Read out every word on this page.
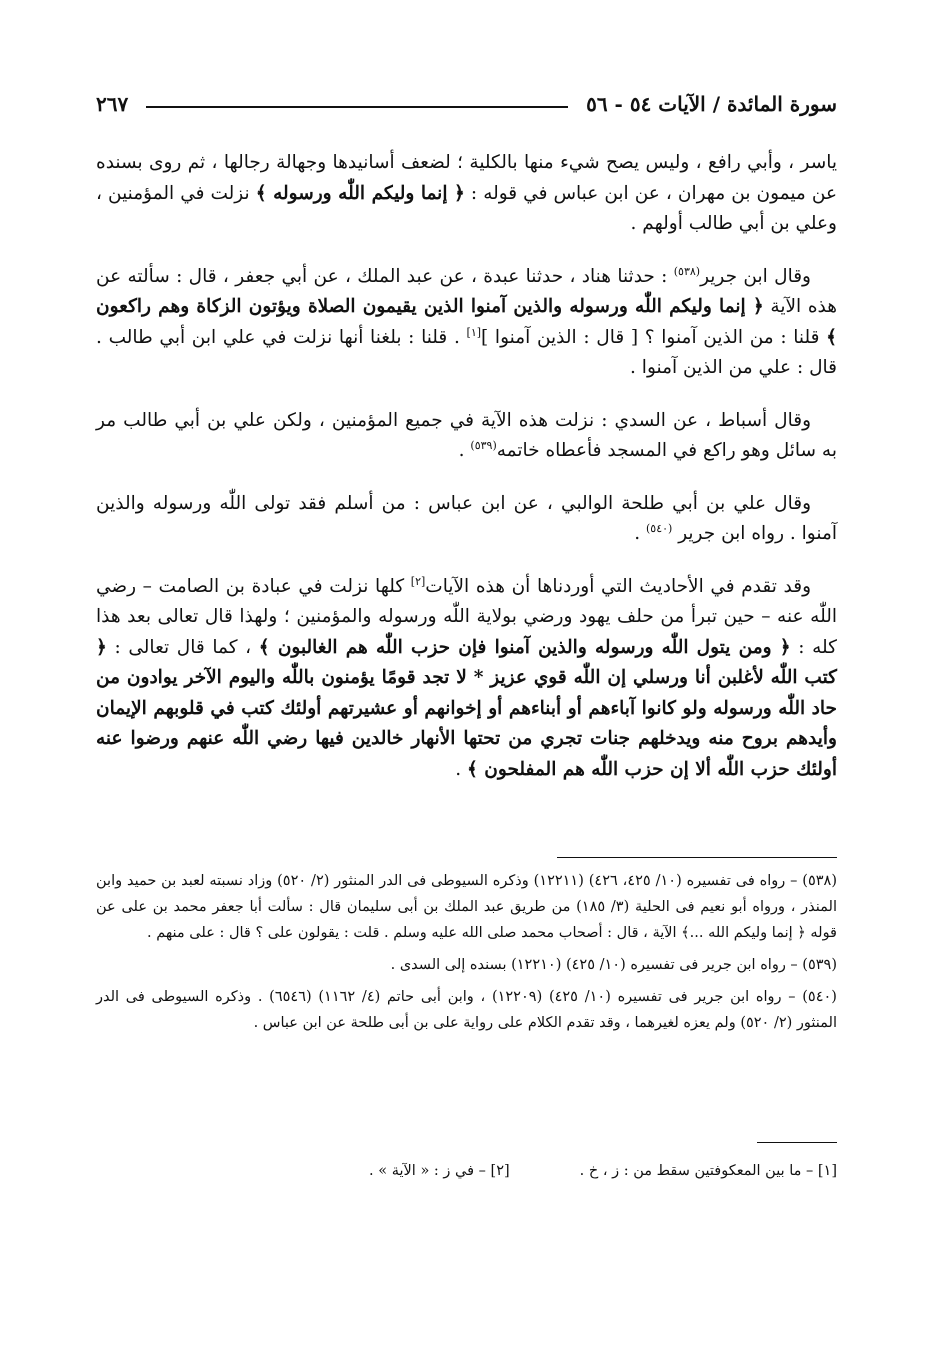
سورة المائدة / الآيات ٥٤ - ٥٦
٢٦٧

ياسر ، وأبي رافع ، وليس يصح شيء منها بالكلية ؛ لضعف أسانيدها وجهالة رجالها ، ثم روى بسنده عن ميمون بن مهران ، عن ابن عباس في قوله : ﴿ إنما وليكم اللّٰه ورسوله ﴾ نزلت في المؤمنين ، وعلي بن أبي طالب أولهم .

وقال ابن جرير$^{(٥٣٨)}$ : حدثنا هناد ، حدثنا عبدة ، عن عبد الملك ، عن أبي جعفر ، قال : سألته عن هذه الآية ﴿ إنما وليكم اللّٰه ورسوله والذين آمنوا الذين يقيمون الصلاة ويؤتون الزكاة وهم راكعون ﴾ قلنا : من الذين آمنوا ؟ [ قال : الذين آمنوا ][١] . قلنا : بلغنا أنها نزلت في علي ابن أبي طالب . قال : علي من الذين آمنوا .

وقال أسباط ، عن السدي : نزلت هذه الآية في جميع المؤمنين ، ولكن علي بن أبي طالب مر به سائل وهو راكع في المسجد فأعطاه خاتمه$^{(٥٣٩)}$ .

وقال علي بن أبي طلحة الوالبي ، عن ابن عباس : من أسلم فقد تولى اللّٰه ورسوله والذين آمنوا . رواه ابن جرير $^{(٥٤٠)}$ .

وقد تقدم في الأحاديث التي أوردناها أن هذه الآيات[٢] كلها نزلت في عبادة بن الصامت – رضي اللّٰه عنه – حين تبرأ من حلف يهود ورضي بولاية اللّٰه ورسوله والمؤمنين ؛ ولهذا قال تعالى بعد هذا كله : ﴿ ومن يتول اللّٰه ورسوله والذين آمنوا فإن حزب اللّٰه هم الغالبون ﴾ ، كما قال تعالى : ﴿ كتب اللّٰه لأغلبن أنا ورسلي إن اللّٰه قوي عزيز * لا تجد قومًا يؤمنون باللّٰه واليوم الآخر يوادون من حاد اللّٰه ورسوله ولو كانوا آباءهم أو أبناءهم أو إخوانهم أو عشيرتهم أولئك كتب في قلوبهم الإيمان وأيدهم بروح منه ويدخلهم جنات تجري من تحتها الأنهار خالدين فيها رضي اللّٰه عنهم ورضوا عنه أولئك حزب اللّٰه ألا إن حزب اللّٰه هم المفلحون ﴾ .

(٥٣٨) – رواه فى تفسيره (١٠/ ٤٢٥، ٤٢٦) (١٢٢١١) وذكره السيوطى فى الدر المنثور (٢/ ٥٢٠) وزاد نسبته لعبد بن حميد وابن المنذر ، ورواه أبو نعيم فى الحلية (٣/ ١٨٥) من طريق عبد الملك بن أبى سليمان قال : سألت أبا جعفر محمد بن على عن قوله ﴿ إنما وليكم الله ...﴾ الآية ، قال : أصحاب محمد صلى الله عليه وسلم . قلت : يقولون على ؟ قال : على منهم .

(٥٣٩) – رواه ابن جرير فى تفسيره (١٠/ ٤٢٥) (١٢٢١٠) بسنده إلى السدى .

(٥٤٠) – رواه ابن جرير فى تفسيره (١٠/ ٤٢٥) (١٢٢٠٩) ، وابن أبى حاتم (٤/ ١١٦٢) (٦٥٤٦) . وذكره السيوطى فى الدر المنثور (٢/ ٥٢٠) ولم يعزه لغيرهما ، وقد تقدم الكلام على رواية على بن أبى طلحة عن ابن عباس .

[١] – ما بين المعكوفتين سقط من : ز ، خ .
[٢] – في ز : « الآية » .
